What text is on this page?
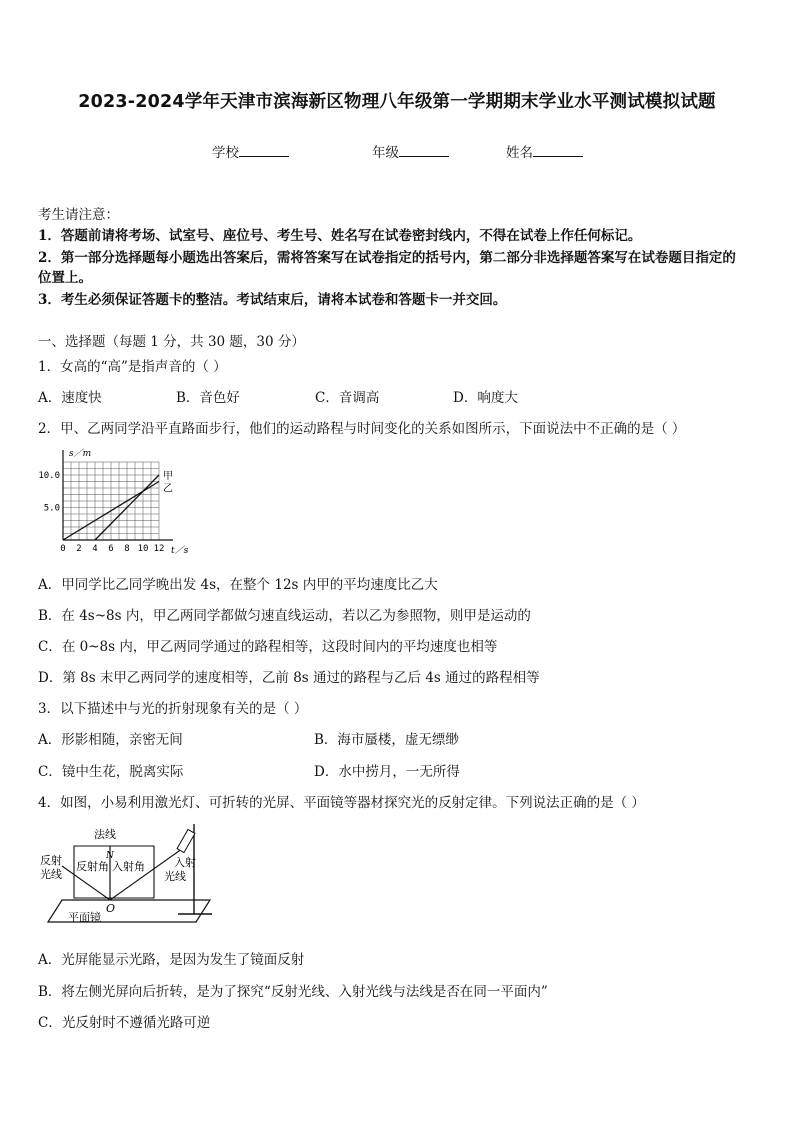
2023-2024学年天津市滨海新区物理八年级第一学期期末学业水平测试模拟试题
学校	年级	姓名
考生请注意：
1．答题前请将考场、试室号、座位号、考生号、姓名写在试卷密封线内，不得在试卷上作任何标记。
2．第一部分选择题每小题选出答案后，需将答案写在试卷指定的括号内，第二部分非选择题答案写在试卷题目指定的
位置上。
3．考生必须保证答题卡的整洁。考试结束后，请将本试卷和答题卡一并交回。
一、选择题（每题 1 分，共 30 题，30 分）
1．女高的“高”是指声音的（ ）
A．速度快	B．音色好	C．音调高	D．响度大
2．甲、乙两同学沿平直路面步行，他们的运动路程与时间变化的关系如图所示，下面说法中不正确的是（ ）
s／m
t／s
0 2 4 6 8 10 12
5.0
10.0	甲
乙
A．甲同学比乙同学晚出发 4s，在整个 12s 内甲的平均速度比乙大
B．在 4s~8s 内，甲乙两同学都做匀速直线运动，若以乙为参照物，则甲是运动的
C．在 0~8s 内，甲乙两同学通过的路程相等，这段时间内的平均速度也相等
D．第 8s 末甲乙两同学的速度相等，乙前 8s 通过的路程与乙后 4s 通过的路程相等
3．以下描述中与光的折射现象有关的是（ ）
A．形影相随，亲密无间	B．海市蜃楼，虚无缥缈
C．镜中生花，脱离实际	D．水中捞月，一无所得
4．如图，小易利用激光灯、可折转的光屏、平面镜等器材探究光的反射定律。下列说法正确的是（ ）
法线
N
反射角 入射角
反射
光线
入射
光线
O
平面镜
A．光屏能显示光路，是因为发生了镜面反射
B．将左侧光屏向后折转，是为了探究“反射光线、入射光线与法线是否在同一平面内”
C．光反射时不遵循光路可逆
